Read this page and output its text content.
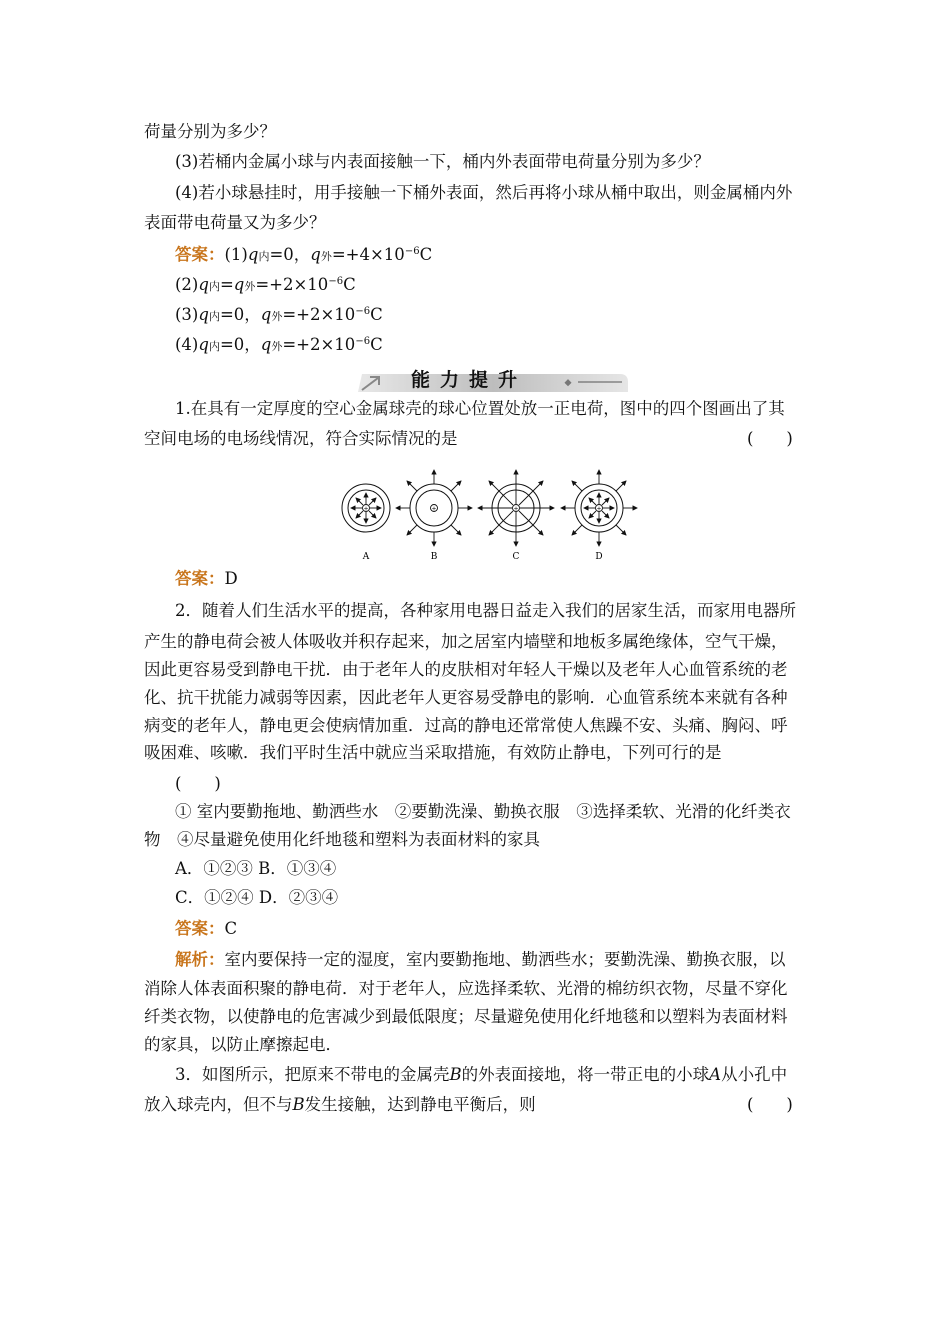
荷量分别为多少？
(3)若桶内金属小球与内表面接触一下，桶内外表面带电荷量分别为多少？
(4)若小球悬挂时，用手接触一下桶外表面，然后再将小球从桶中取出，则金属桶内外
表面带电荷量又为多少？
答案：(1)q内=0，q外$=+4\times 10^{-6}C$
(2)q内=q外$=+2\times 10^{-6}C$
(3)q内=0，q外$=+2\times 10^{-6}C$
(4)q内=0，q外$=+2\times 10^{-6}C$
能力提升
1.在具有一定厚度的空心金属球壳的球心位置处放一正电荷，图中的四个图画出了其
空间电场的电场线情况，符合实际情况的是	(　　)
+	+	+	+
A	B	C	D
答案：D
2．随着人们生活水平的提高，各种家用电器日益走入我们的居家生活，而家用电器所
产生的静电荷会被人体吸收并积存起来，加之居室内墙壁和地板多属绝缘体，空气干燥，
因此更容易受到静电干扰．由于老年人的皮肤相对年轻人干燥以及老年人心血管系统的老
化、抗干扰能力减弱等因素，因此老年人更容易受静电的影响．心血管系统本来就有各种
病变的老年人，静电更会使病情加重．过高的静电还常常使人焦躁不安、头痛、胸闷、呼
吸困难、咳嗽．我们平时生活中就应当采取措施，有效防止静电，下列可行的是
(　　)
① 室内要勤拖地、勤洒些水　②要勤洗澡、勤换衣服　③选择柔软、光滑的化纤类衣
物　④尽量避免使用化纤地毯和塑料为表面材料的家具
A．①②③ B．①③④
C．①②④ D．②③④
答案：C
解析：室内要保持一定的湿度，室内要勤拖地、勤洒些水；要勤洗澡、勤换衣服，以
消除人体表面积聚的静电荷．对于老年人，应选择柔软、光滑的棉纺织衣物，尽量不穿化
纤类衣物，以使静电的危害减少到最低限度；尽量避免使用化纤地毯和以塑料为表面材料
的家具，以防止摩擦起电．
3．如图所示，把原来不带电的金属壳B的外表面接地，将一带正电的小球A从小孔中
放入球壳内，但不与B发生接触，达到静电平衡后，则	(　　)
